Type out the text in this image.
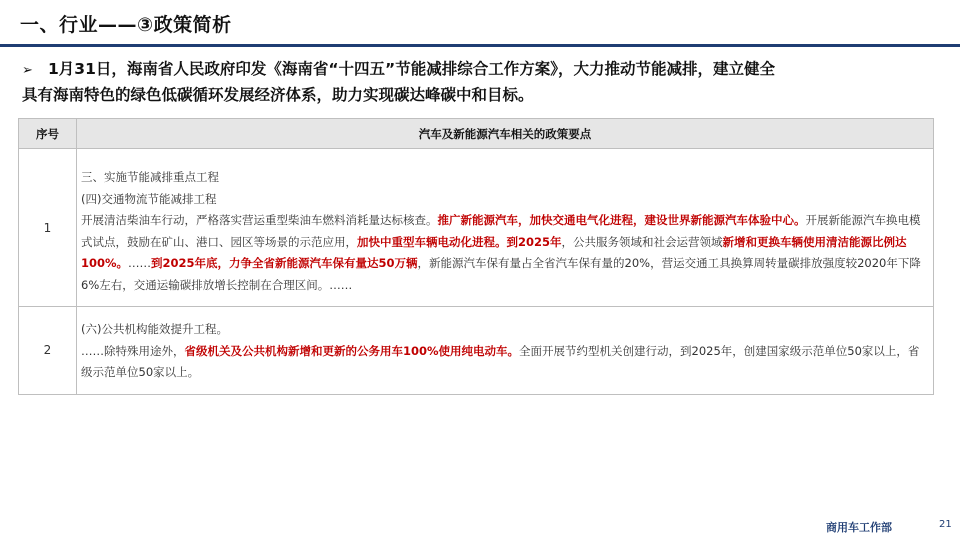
一、行业——③政策简析
➢ 1月31日，海南省人民政府印发《海南省“十四五”节能减排综合工作方案》，大力推动节能减排，建立健全
具有海南特色的绿色低碳循环发展经济体系，助力实现碳达峰碳中和目标。
序号	汽车及新能源汽车相关的政策要点
1	三、实施节能减排重点工程
(四)交通物流节能减排工程
开展清洁柴油车行动，严格落实营运重型柴油车燃料消耗量达标核查。推广新能源汽车，加快交通电气化进程，建设世界新能源汽车体验中心。开展新能源汽车换电模式试点，鼓励在矿山、港口、园区等场景的示范应用，加快中重型车辆电动化进程。到2025年，公共服务领域和社会运营领域新增和更换车辆使用清洁能源比例达100%。……到2025年底，力争全省新能源汽车保有量达50万辆，新能源汽车保有量占全省汽车保有量的20%，营运交通工具换算周转量碳排放强度较2020年下降6%左右，交通运输碳排放增长控制在合理区间。……

2	(六)公共机构能效提升工程。
……除特殊用途外，省级机关及公共机构新增和更新的公务用车100%使用纯电动车。全面开展节约型机关创建行动，到2025年，创建国家级示范单位50家以上，省级示范单位50家以上。
商用车工作部	21
